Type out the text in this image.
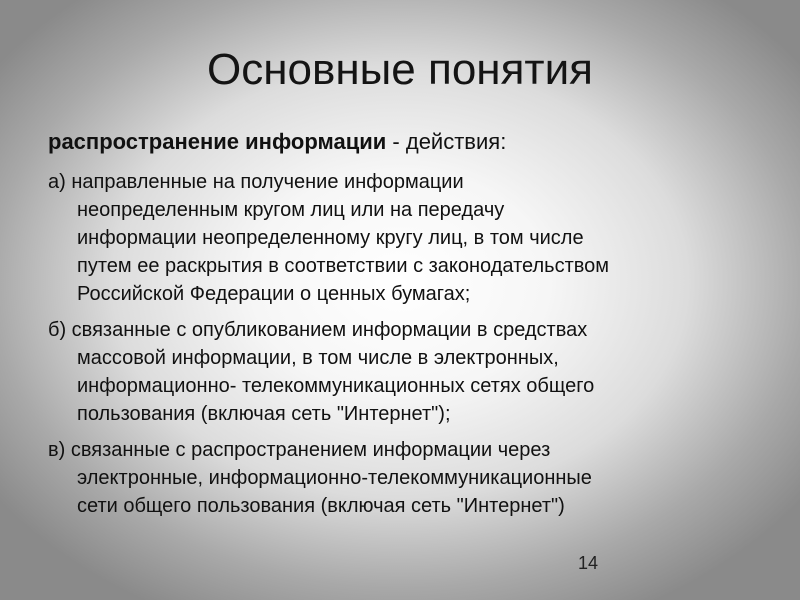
Основные понятия

распространение информации - действия:

а) направленные на получение информации
неопределенным кругом лиц или на передачу
информации неопределенному кругу лиц, в том числе
путем ее раскрытия в соответствии с законодательством
Российской Федерации о ценных бумагах;

б) связанные с опубликованием информации в средствах
массовой информации, в том числе в электронных,
информационно- телекоммуникационных сетях общего
пользования (включая сеть "Интернет");

в) связанные с распространением информации через
электронные, информационно-телекоммуникационные
сети общего пользования (включая сеть "Интернет")

14
